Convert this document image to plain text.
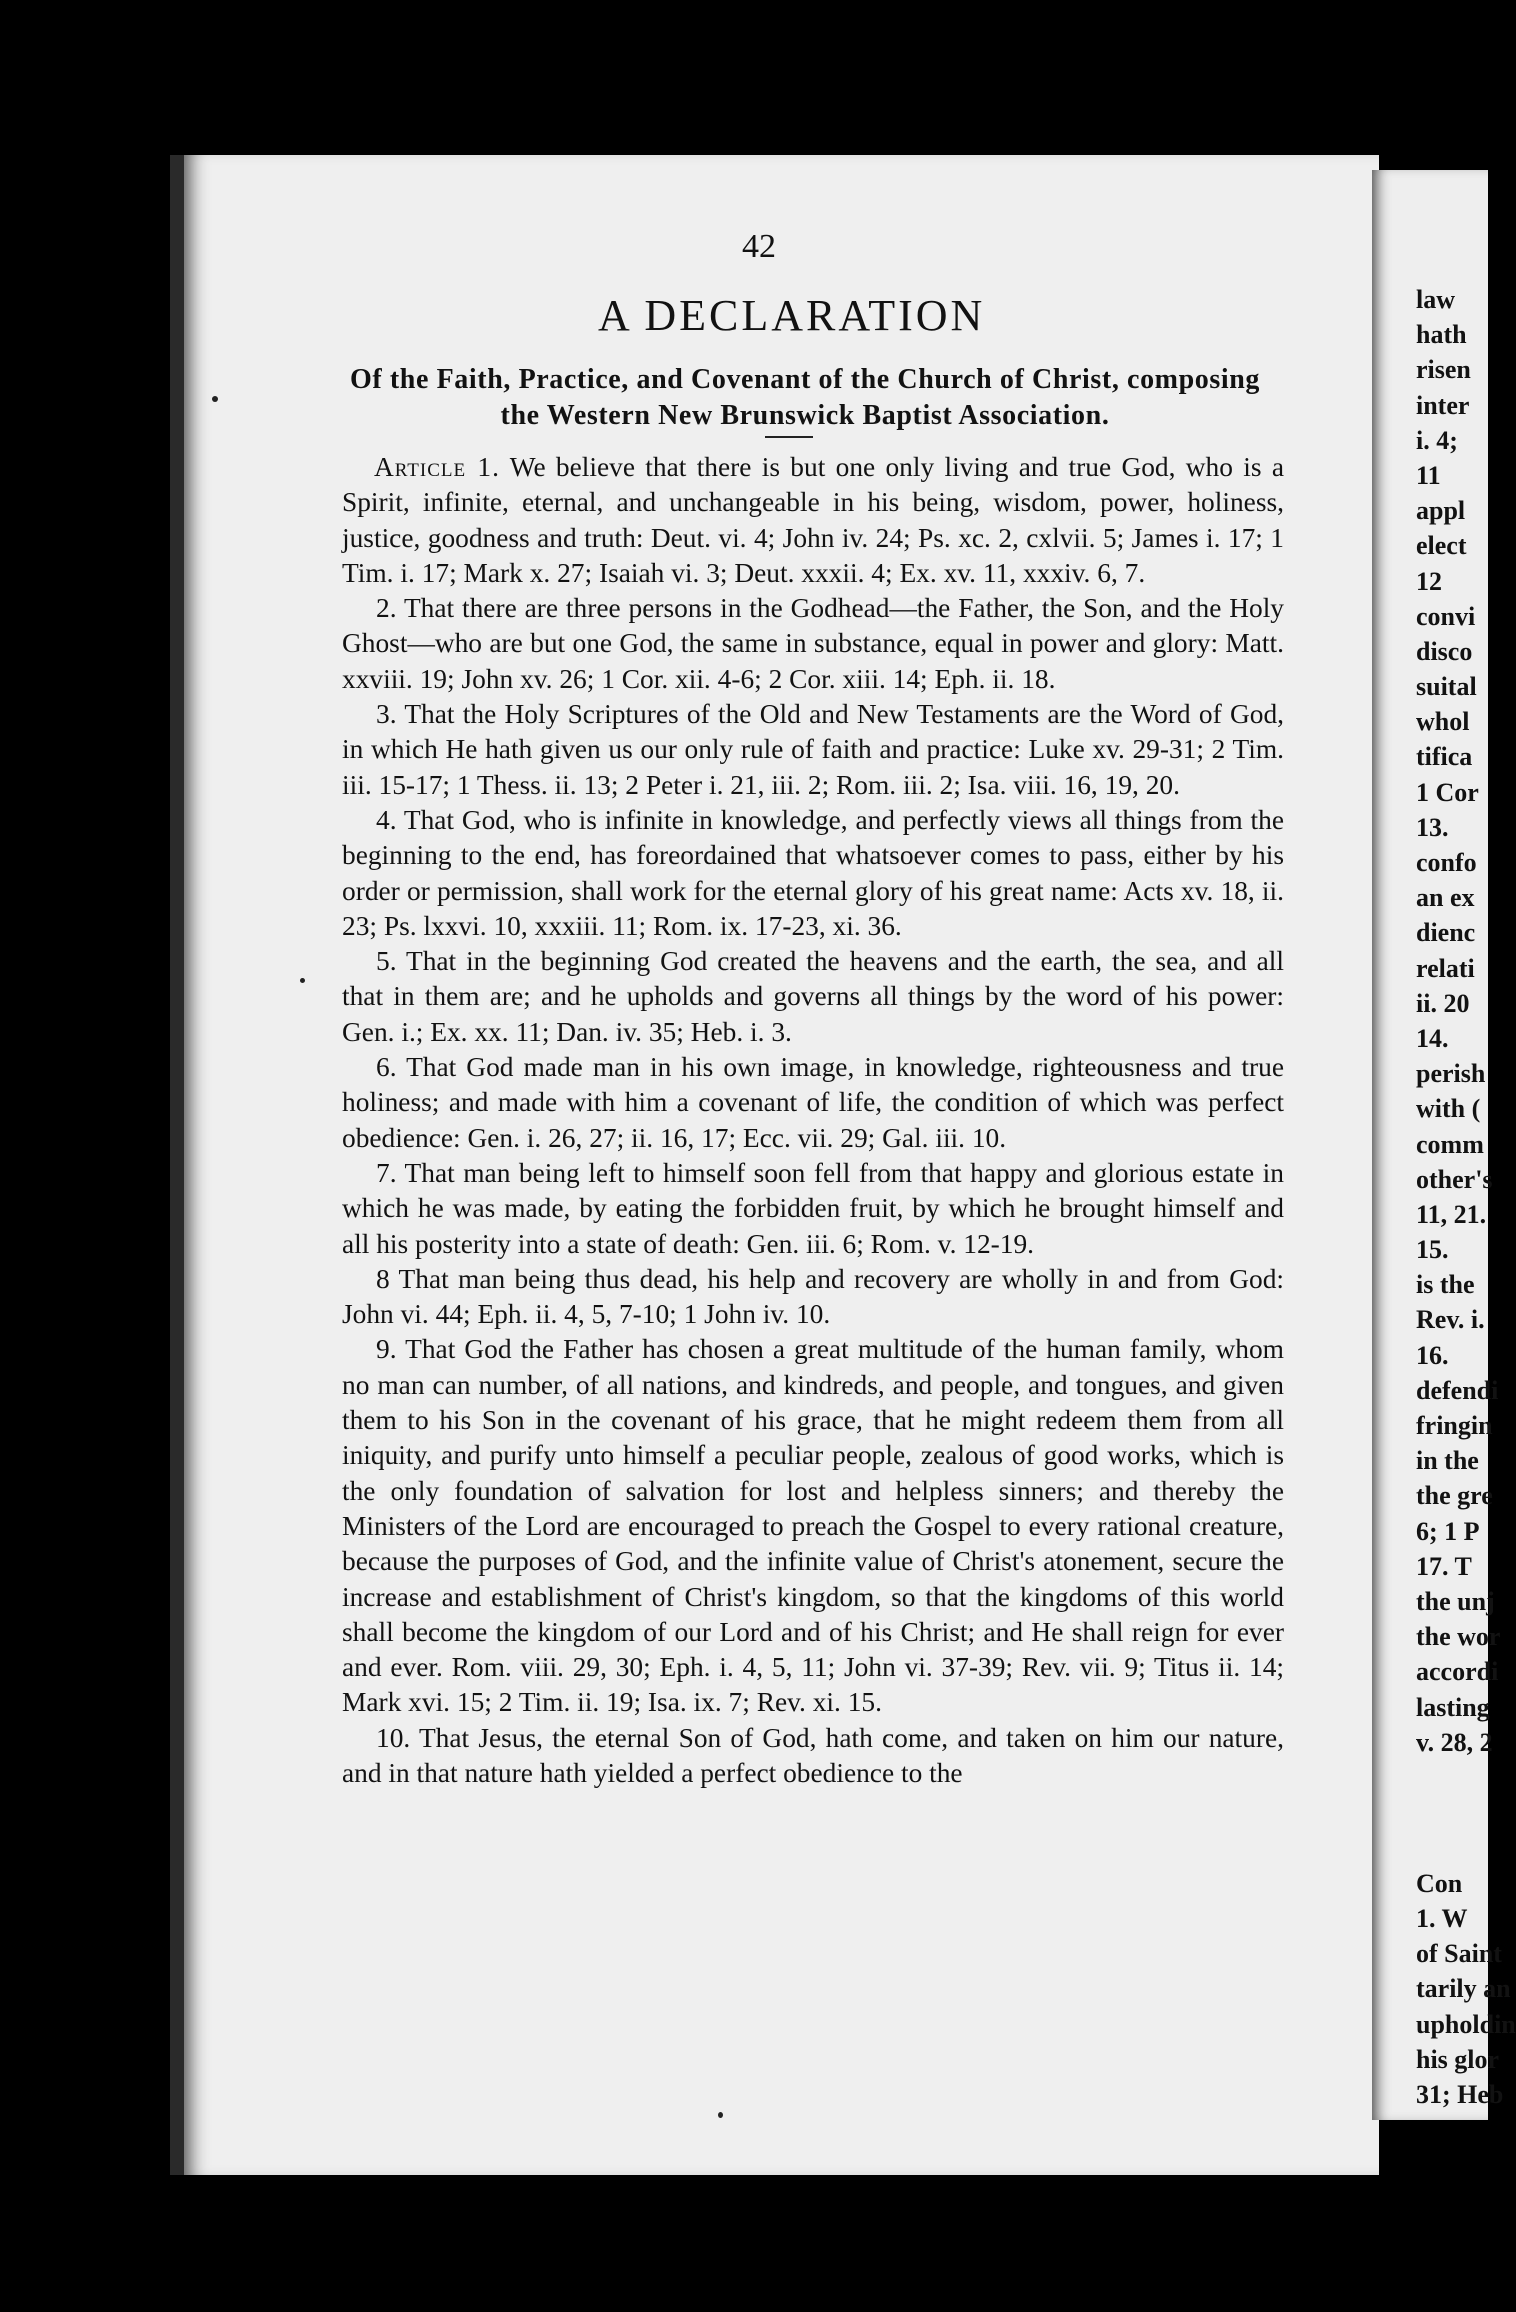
42
A DECLARATION
Of the Faith, Practice, and Covenant of the Church of Christ, composing the Western New Brunswick Baptist Association.

Article 1. We believe that there is but one only living and true God, who is a Spirit, infinite, eternal, and unchangeable in his being, wisdom, power, holiness, justice, goodness and truth: Deut. vi. 4; John iv. 24; Ps. xc. 2, cxlvii. 5; James i. 17; 1 Tim. i. 17; Mark x. 27; Isaiah vi. 3; Deut. xxxii. 4; Ex. xv. 11, xxxiv. 6, 7.

2. That there are three persons in the Godhead—the Father, the Son, and the Holy Ghost—who are but one God, the same in substance, equal in power and glory: Matt. xxviii. 19; John xv. 26; 1 Cor. xii. 4-6; 2 Cor. xiii. 14; Eph. ii. 18.

3. That the Holy Scriptures of the Old and New Testaments are the Word of God, in which He hath given us our only rule of faith and practice: Luke xv. 29-31; 2 Tim. iii. 15-17; 1 Thess. ii. 13; 2 Peter i. 21, iii. 2; Rom. iii. 2; Isa. viii. 16, 19, 20.

4. That God, who is infinite in knowledge, and perfectly views all things from the beginning to the end, has foreordained that whatsoever comes to pass, either by his order or permission, shall work for the eternal glory of his great name: Acts xv. 18, ii. 23; Ps. lxxvi. 10, xxxiii. 11; Rom. ix. 17-23, xi. 36.

5. That in the beginning God created the heavens and the earth, the sea, and all that in them are; and he upholds and governs all things by the word of his power: Gen. i.; Ex. xx. 11; Dan. iv. 35; Heb. i. 3.

6. That God made man in his own image, in knowledge, righteousness and true holiness; and made with him a covenant of life, the condition of which was perfect obedience: Gen. i. 26, 27; ii. 16, 17; Ecc. vii. 29; Gal. iii. 10.

7. That man being left to himself soon fell from that happy and glorious estate in which he was made, by eating the forbidden fruit, by which he brought himself and all his posterity into a state of death: Gen. iii. 6; Rom. v. 12-19.

8 That man being thus dead, his help and recovery are wholly in and from God: John vi. 44; Eph. ii. 4, 5, 7-10; 1 John iv. 10.

9. That God the Father has chosen a great multitude of the human family, whom no man can number, of all nations, and kindreds, and people, and tongues, and given them to his Son in the covenant of his grace, that he might redeem them from all iniquity, and purify unto himself a peculiar people, zealous of good works, which is the only foundation of salvation for lost and helpless sinners; and thereby the Ministers of the Lord are encouraged to preach the Gospel to every rational creature, because the purposes of God, and the infinite value of Christ's atonement, secure the increase and establishment of Christ's kingdom, so that the kingdoms of this world shall become the kingdom of our Lord and of his Christ; and He shall reign for ever and ever. Rom. viii. 29, 30; Eph. i. 4, 5, 11; John vi. 37-39; Rev. vii. 9; Titus ii. 14; Mark xvi. 15; 2 Tim. ii. 19; Isa. ix. 7; Rev. xi. 15.

10. That Jesus, the eternal Son of God, hath come, and taken on him our nature, and in that nature hath yielded a perfect obedience to the

law
hath
risen
inter
i. 4;
11
appl
elect
12
convi
disco
suital
whol
tifica
1 Cor
13.
confo
an ex
dienc
relati
ii. 20
14.
perish
with (
comm
other's
11, 21.
15.
is the
Rev. i.
16.
defendi
fringin
in the
the gre
6; 1 P
17. T
the unj
the wor
accordi
lasting
v. 28, 2
Con
1. W
of Saint
tarily an
upholdin
his glor
31; Heb
